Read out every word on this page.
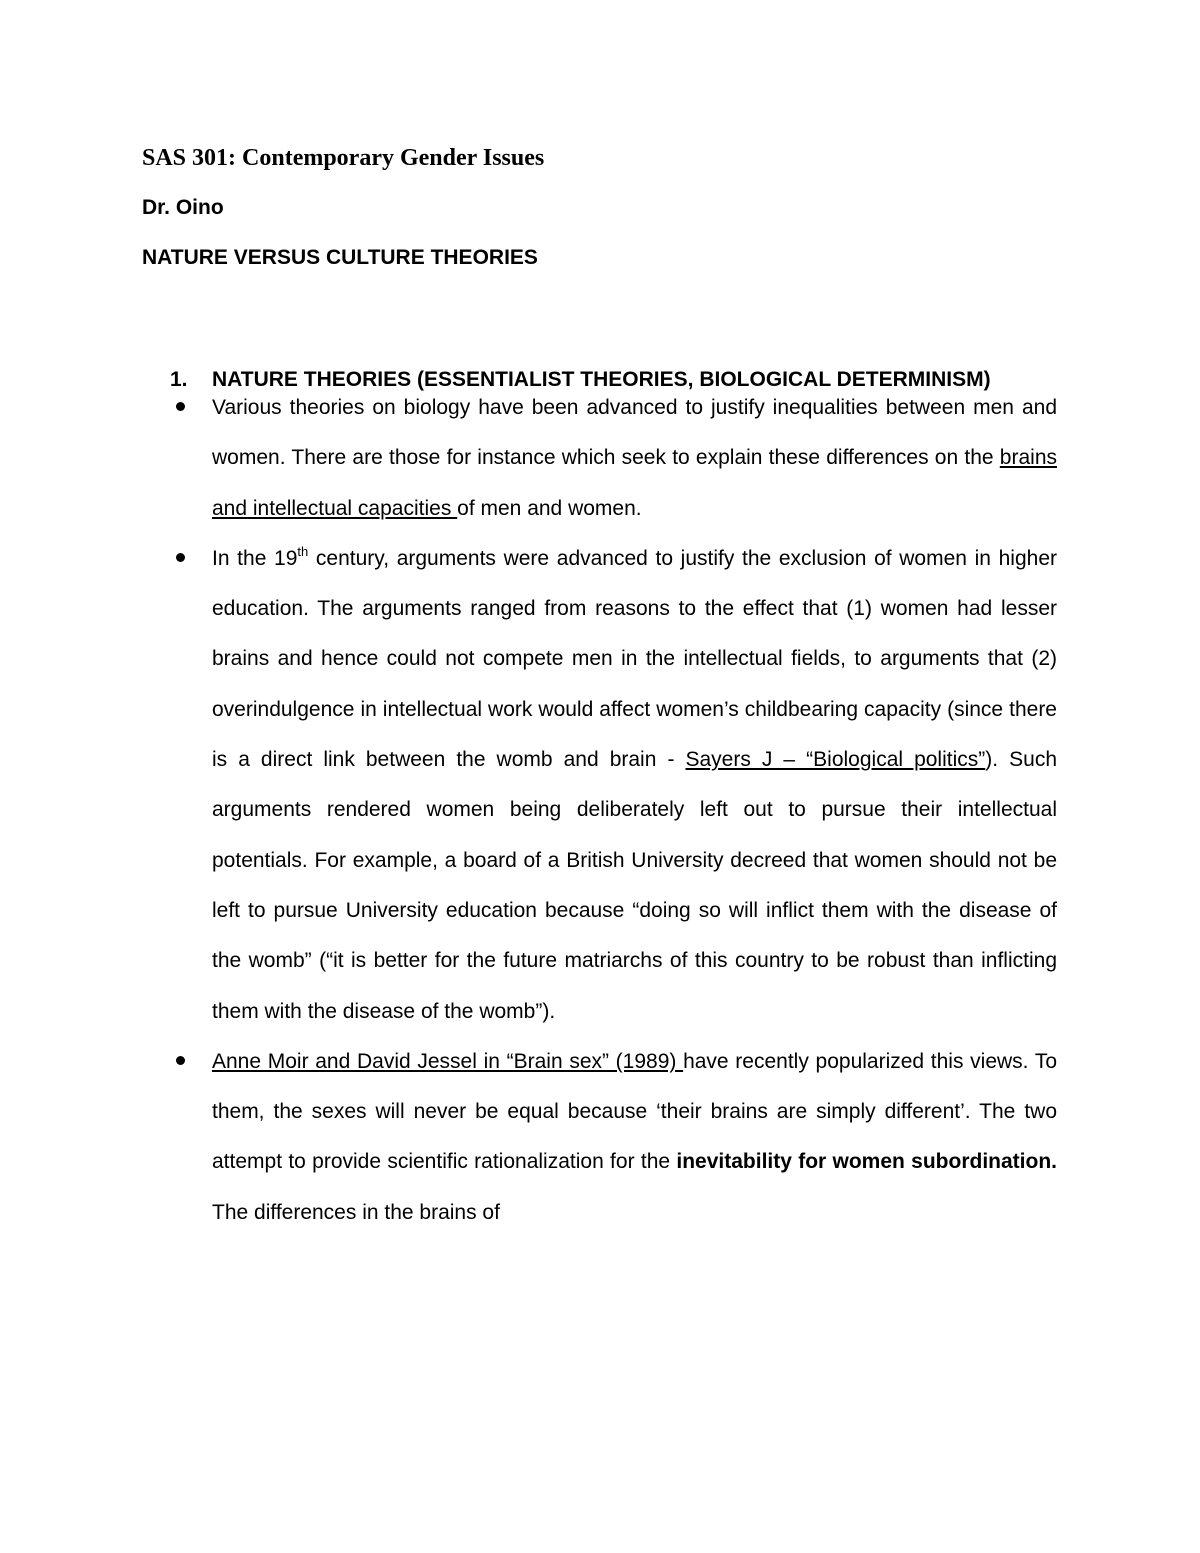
SAS 301: Contemporary Gender Issues

Dr. Oino

NATURE VERSUS CULTURE THEORIES
1. NATURE THEORIES (ESSENTIALIST THEORIES, BIOLOGICAL DETERMINISM)
Various theories on biology have been advanced to justify inequalities between men and women. There are those for instance which seek to explain these differences on the brains and intellectual capacities of men and women.
In the 19th century, arguments were advanced to justify the exclusion of women in higher education. The arguments ranged from reasons to the effect that (1) women had lesser brains and hence could not compete men in the intellectual fields, to arguments that (2) overindulgence in intellectual work would affect women’s childbearing capacity (since there is a direct link between the womb and brain - Sayers J – “Biological politics”). Such arguments rendered women being deliberately left out to pursue their intellectual potentials. For example, a board of a British University decreed that women should not be left to pursue University education because “doing so will inflict them with the disease of the womb” (“it is better for the future matriarchs of this country to be robust than inflicting them with the disease of the womb”).
Anne Moir and David Jessel in “Brain sex” (1989) have recently popularized this views. To them, the sexes will never be equal because ‘their brains are simply different’. The two attempt to provide scientific rationalization for the inevitability for women subordination. The differences in the brains of
